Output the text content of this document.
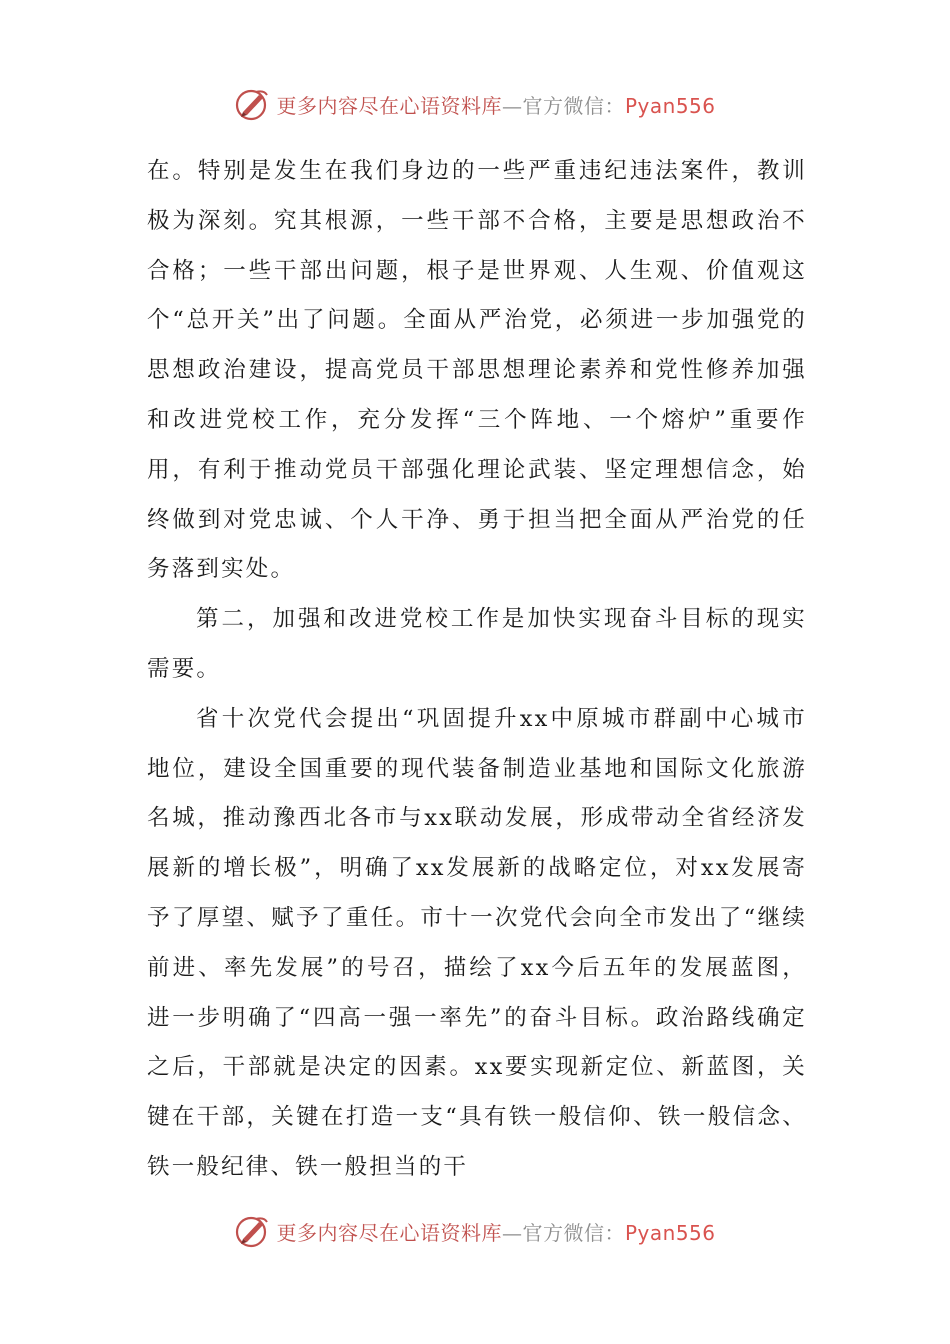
更多内容尽在心语资料库—官方微信：Pyan556

在。特别是发生在我们身边的一些严重违纪违法案件，教训极为深刻。究其根源，一些干部不合格，主要是思想政治不合格；一些干部出问题，根子是世界观、人生观、价值观这个“总开关”出了问题。全面从严治党，必须进一步加强党的思想政治建设，提高党员干部思想理论素养和党性修养加强和改进党校工作，充分发挥“三个阵地、一个熔炉”重要作用，有利于推动党员干部强化理论武装、坚定理想信念，始终做到对党忠诚、个人干净、勇于担当把全面从严治党的任务落到实处。

第二，加强和改进党校工作是加快实现奋斗目标的现实需要。

省十次党代会提出“巩固提升xx中原城市群副中心城市地位，建设全国重要的现代装备制造业基地和国际文化旅游名城，推动豫西北各市与xx联动发展，形成带动全省经济发展新的增长极”，明确了xx发展新的战略定位，对xx发展寄予了厚望、赋予了重任。市十一次党代会向全市发出了“继续前进、率先发展”的号召，描绘了xx今后五年的发展蓝图，进一步明确了“四高一强一率先”的奋斗目标。政治路线确定之后，干部就是决定的因素。xx要实现新定位、新蓝图，关键在干部，关键在打造一支“具有铁一般信仰、铁一般信念、铁一般纪律、铁一般担当的干

更多内容尽在心语资料库—官方微信：Pyan556
